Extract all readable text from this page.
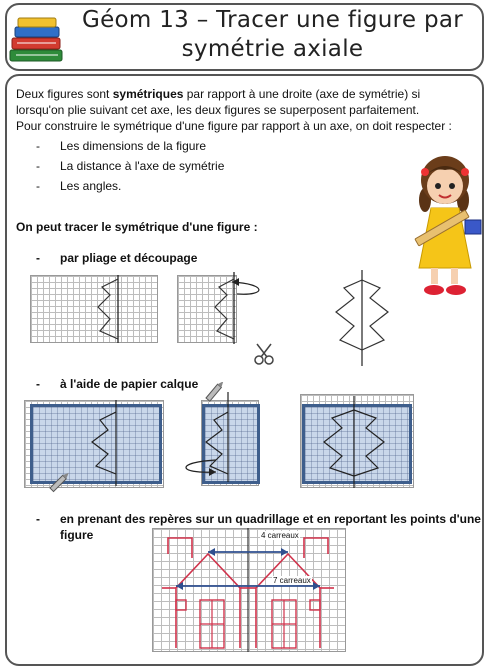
Géom 13 – Tracer une figure par
symétrie axiale
Deux figures sont symétriques par rapport à une droite (axe de symétrie) si
lorsqu'on plie suivant cet axe, les deux figures se superposent parfaitement.
Pour construire le symétrique d'une figure par rapport à un axe, on doit respecter :
- Les dimensions de la figure
- La distance à l'axe de symétrie
- Les angles.
On peut tracer le symétrique d'une figure :
- par pliage et découpage
- à l'aide de papier calque
- en prenant des repères sur un quadrillage et en reportant les points d'une
figure	4 carreaux
7 carreaux
